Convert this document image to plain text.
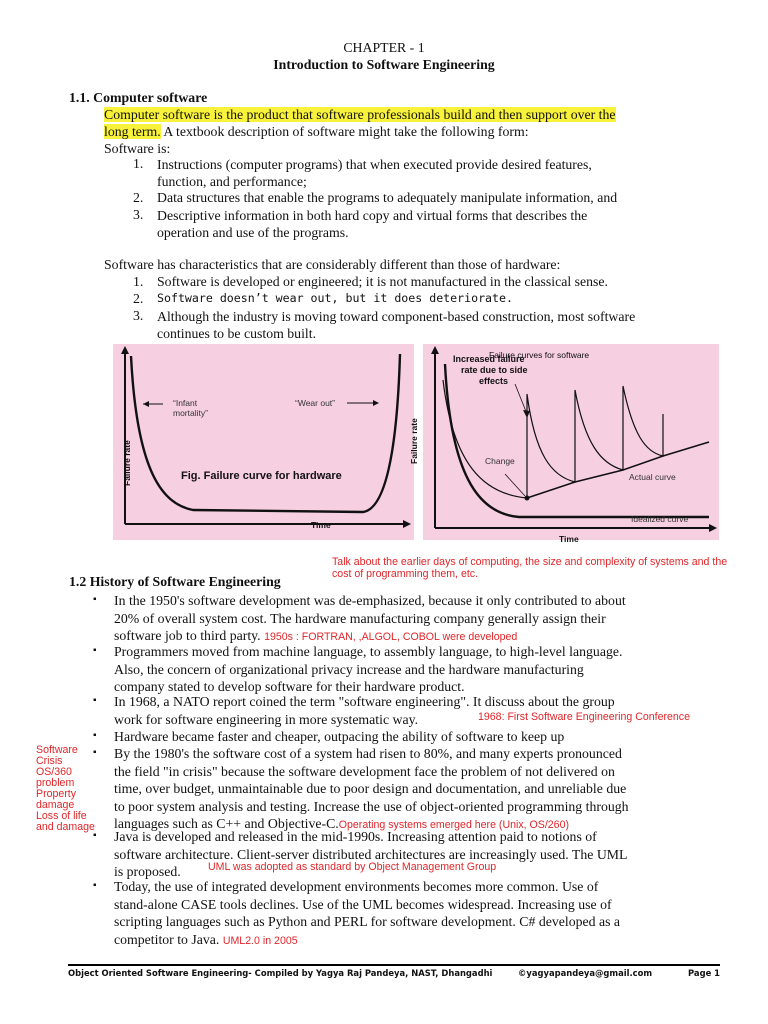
CHAPTER - 1
Introduction to Software Engineering
1.1. Computer software
Computer software is the product that software professionals build and then support over the
long term. A textbook description of software might take the following form:
Software is:
1. Instructions (computer programs) that when executed provide desired features,
function, and performance;
2. Data structures that enable the programs to adequately manipulate information, and
3. Descriptive information in both hard copy and virtual forms that describes the
operation and use of the programs.
Software has characteristics that are considerably different than those of hardware:
1. Software is developed or engineered; it is not manufactured in the classical sense.
2. Software doesn’t wear out, but it does deteriorate.
3. Although the industry is moving toward component-based construction, most software
continues to be custom built.
“Infant
mortality”
“Wear out”
Fig. Failure curve for hardware
Failure rate
Time
Failure curves for software
Increased failure
rate due to side
effects
Change
Actual curve
Idealized curve
Failure rate
Time
Talk about the earlier days of computing, the size and complexity of systems and the
cost of programming them, etc.
1.2 History of Software Engineering
▪ In the 1950's software development was de-emphasized, because it only contributed to about
20% of overall system cost. The hardware manufacturing company generally assign their
software job to third party. 1950s : FORTRAN, ,ALGOL, COBOL were developed
▪ Programmers moved from machine language, to assembly language, to high-level language.
Also, the concern of organizational privacy increase and the hardware manufacturing
company stated to develop software for their hardware product.
▪ In 1968, a NATO report coined the term "software engineering". It discuss about the group
work for software engineering in more systematic way.	1968: First Software Engineering Conference
▪ Hardware became faster and cheaper, outpacing the ability of software to keep up
Software
Crisis
OS/360
problem
Property
damage
Loss of life
and damage
▪ By the 1980's the software cost of a system had risen to 80%, and many experts pronounced
the field "in crisis" because the software development face the problem of not delivered on
time, over budget, unmaintainable due to poor design and documentation, and unreliable due
to poor system analysis and testing. Increase the use of object-oriented programming through
languages such as C++ and Objective-C.Operating systems emerged here (Unix, OS/260)
▪ Java is developed and released in the mid-1990s. Increasing attention paid to notions of
software architecture. Client-server distributed architectures are increasingly used. The UML
is proposed.	UML was adopted as standard by Object Management Group
▪ Today, the use of integrated development environments becomes more common. Use of
stand-alone CASE tools declines. Use of the UML becomes widespread. Increasing use of
scripting languages such as Python and PERL for software development. C# developed as a
competitor to Java. UML2.0 in 2005
Object Oriented Software Engineering- Compiled by Yagya Raj Pandeya, NAST, Dhangadhi	©yagyapandeya@gmail.com	Page 1
